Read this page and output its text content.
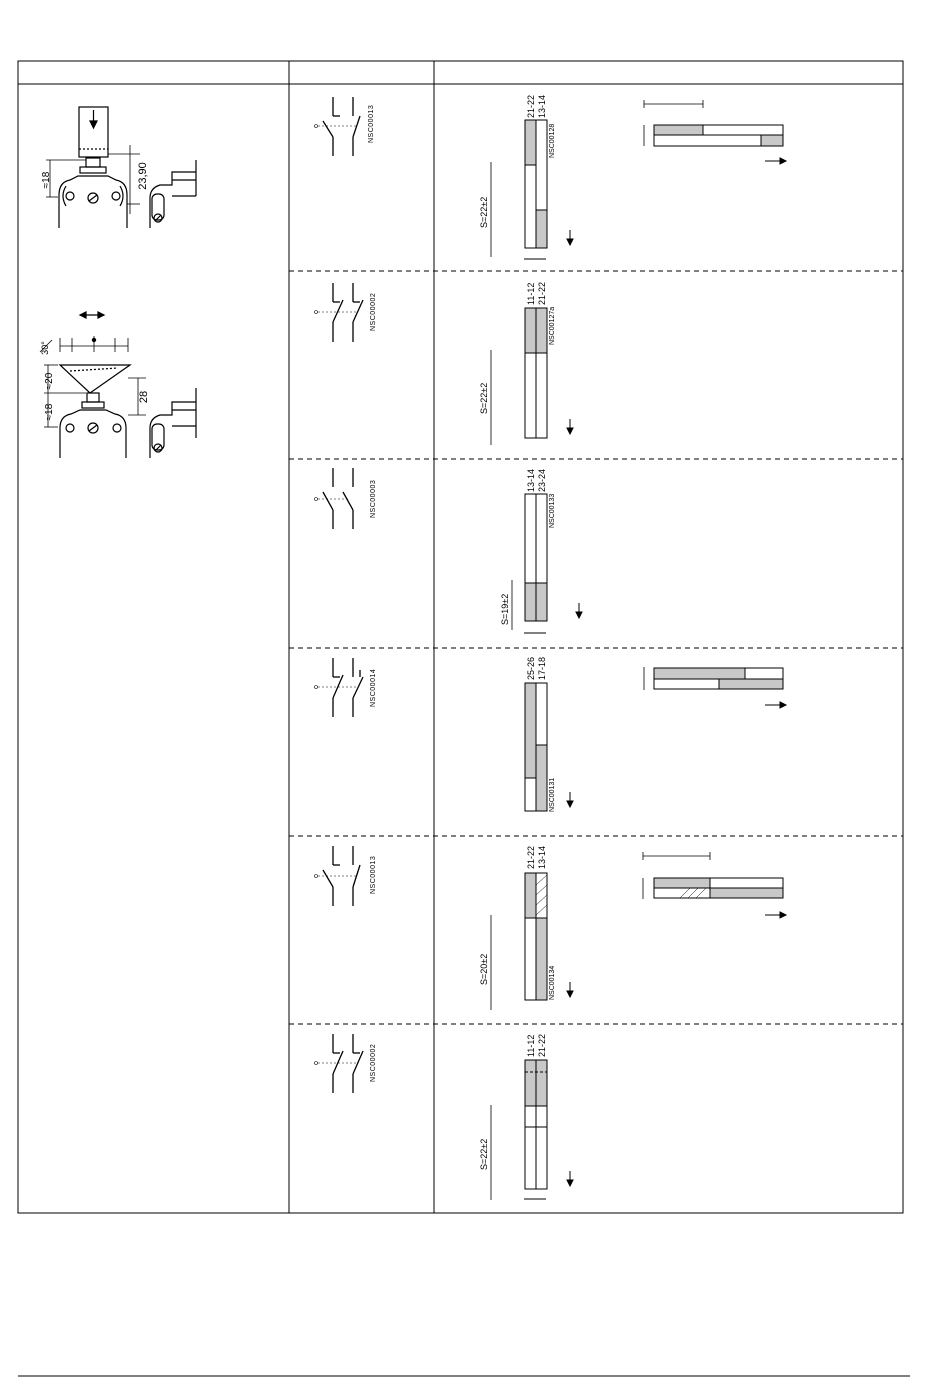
23,90
≈18
30°
≈20
28
≈18
NSC00013	21-22 13-14
NSC00128
S=22±2
NSC00002	11-12 21-22
NSC00127a
S=22±2
NSC00003	13-14 23-24
NSC00133
S=19±2
NSC00014
25-26 17-18
NSC00131
NSC00013	21-22 13-14
NSC00134
S=20±2
NSC00002	11-12 21-22
S=22±2
